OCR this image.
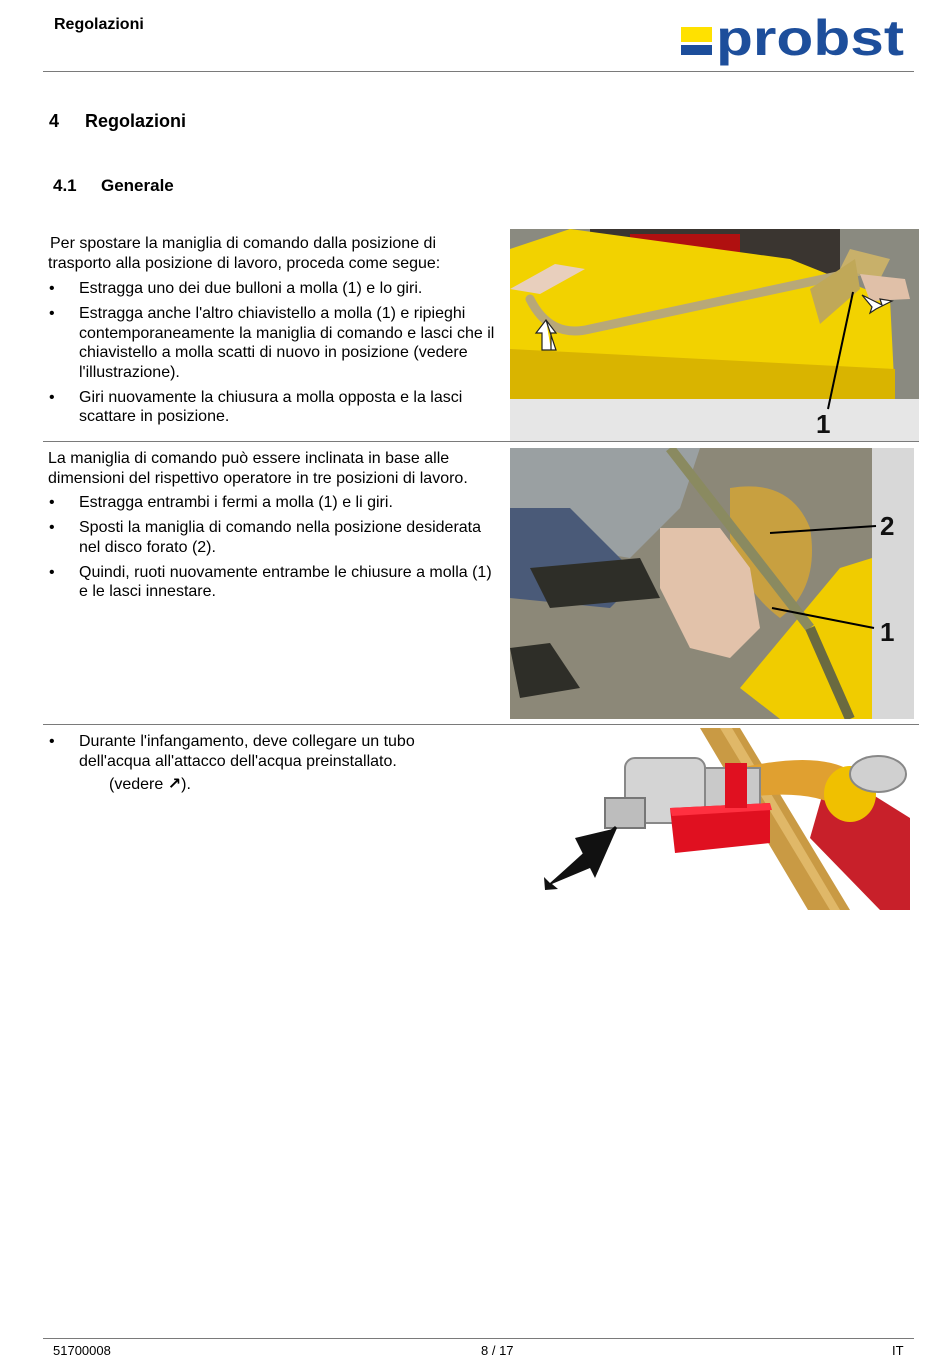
Regolazioni	probst
4 Regolazioni
4.1 Generale
Per spostare la maniglia di comando dalla posizione di trasporto alla posizione di lavoro, proceda come segue:
• Estragga uno dei due bulloni a molla (1) e lo giri.
• Estragga anche l'altro chiavistello a molla (1) e ripieghi contemporaneamente la maniglia di comando e lasci che il chiavistello a molla scatti di nuovo in posizione (vedere l'illustrazione).
• Giri nuovamente la chiusura a molla opposta e la lasci scattare in posizione.	1
La maniglia di comando può essere inclinata in base alle dimensioni del rispettivo operatore in tre posizioni di lavoro.
• Estragga entrambi i fermi a molla (1) e li giri.
• Sposti la maniglia di comando nella posizione desiderata nel disco forato (2).
• Quindi, ruoti nuovamente entrambe le chiusure a molla (1) e le lasci innestare.
2
1
• Durante l'infangamento, deve collegare un tubo dell'acqua all'attacco dell'acqua preinstallato.
(vedere ↗).
51700008	8 / 17	IT
